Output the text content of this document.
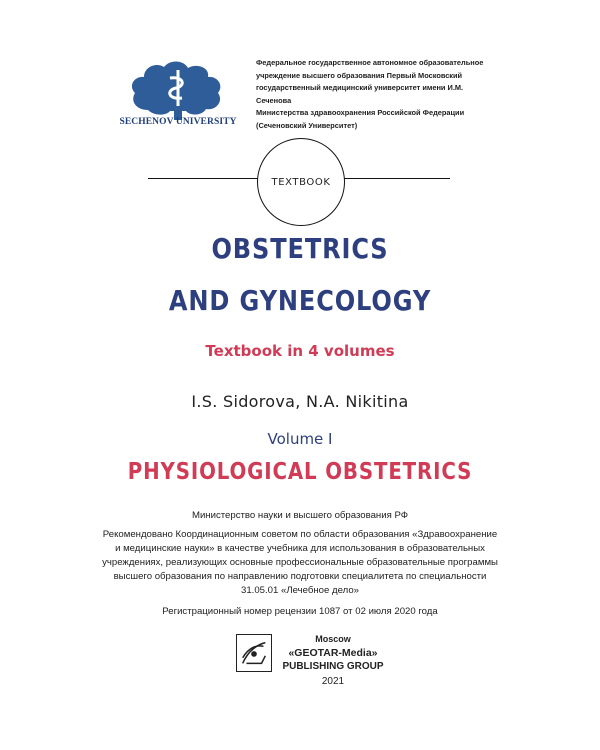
SECHENOV UNIVERSITY
Федеральное государственное автономное образовательное
учреждение высшего образования Первый Московский
государственный медицинский университет имени И.М. Сеченова
Министерства здравоохранения Российской Федерации
(Сеченовский Университет)
TEXTBOOK
OBSTETRICS
AND GYNECOLOGY
Textbook in 4 volumes
I.S. Sidorova, N.A. Nikitina
Volume I
PHYSIOLOGICAL OBSTETRICS
Министерство науки и высшего образования РФ
Рекомендовано Координационным советом по области образования «Здравоохранение
и медицинские науки» в качестве учебника для использования в образовательных
учреждениях, реализующих основные профессиональные образовательные программы
высшего образования по направлению подготовки специалитета по специальности
31.05.01 «Лечебное дело»
Регистрационный номер рецензии 1087 от 02 июля 2020 года
Moscow
«GEOTAR-Media»
PUBLISHING GROUP
2021
